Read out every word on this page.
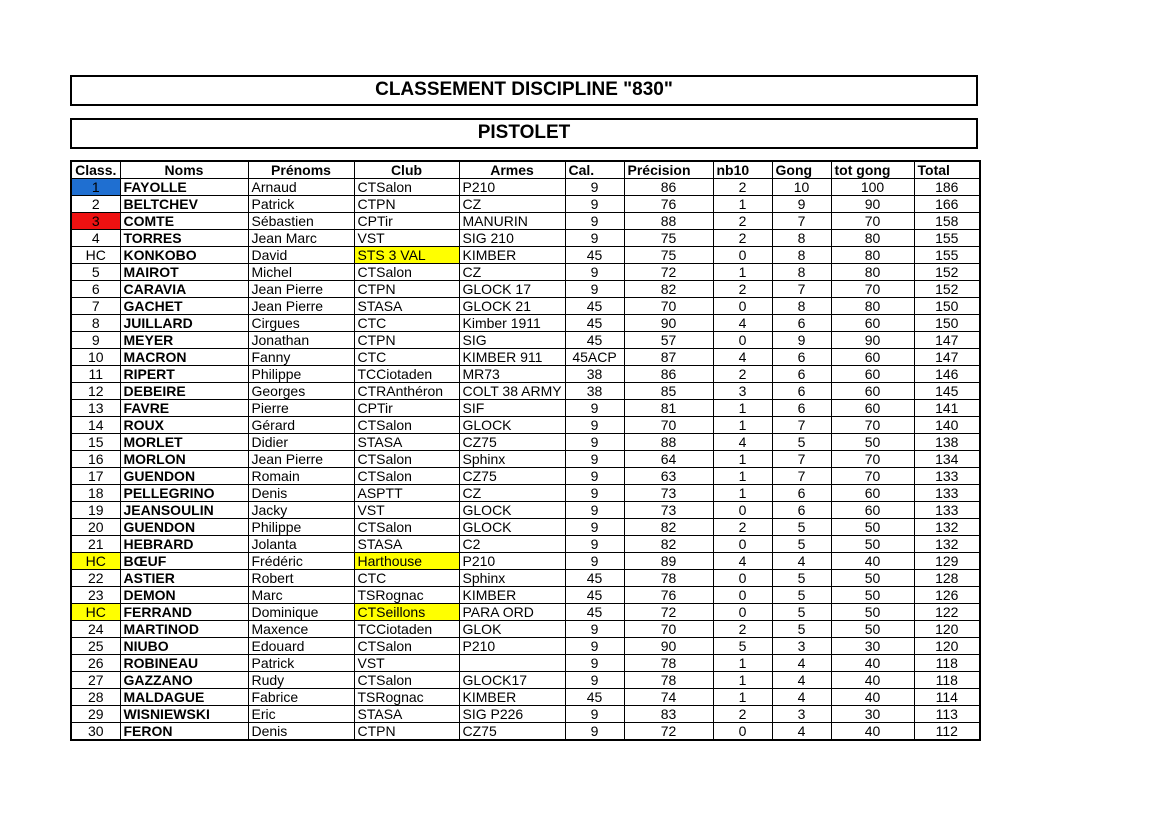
CLASSEMENT DISCIPLINE "830"
PISTOLET
Class.	Noms	Prénoms	Club	Armes	Cal.	Précision	nb10	Gong	tot gong	Total
1	FAYOLLE	Arnaud	CTSalon	P210	9	86	2	10	100	186
2	BELTCHEV	Patrick	CTPN	CZ	9	76	1	9	90	166
3	COMTE	Sébastien	CPTir	MANURIN	9	88	2	7	70	158
4	TORRES	Jean Marc	VST	SIG 210	9	75	2	8	80	155
HC	KONKOBO	David	STS 3 VAL	KIMBER	45	75	0	8	80	155
5	MAIROT	Michel	CTSalon	CZ	9	72	1	8	80	152
6	CARAVIA	Jean Pierre	CTPN	GLOCK 17	9	82	2	7	70	152
7	GACHET	Jean Pierre	STASA	GLOCK 21	45	70	0	8	80	150
8	JUILLARD	Cirgues	CTC	Kimber 1911	45	90	4	6	60	150
9	MEYER	Jonathan	CTPN	SIG	45	57	0	9	90	147
10	MACRON	Fanny	CTC	KIMBER 911	45ACP	87	4	6	60	147
11	RIPERT	Philippe	TCCiotaden	MR73	38	86	2	6	60	146
12	DEBEIRE	Georges	CTRAnthéron	COLT 38 ARMY	38	85	3	6	60	145
13	FAVRE	Pierre	CPTir	SIF	9	81	1	6	60	141
14	ROUX	Gérard	CTSalon	GLOCK	9	70	1	7	70	140
15	MORLET	Didier	STASA	CZ75	9	88	4	5	50	138
16	MORLON	Jean Pierre	CTSalon	Sphinx	9	64	1	7	70	134
17	GUENDON	Romain	CTSalon	CZ75	9	63	1	7	70	133
18	PELLEGRINO	Denis	ASPTT	CZ	9	73	1	6	60	133
19	JEANSOULIN	Jacky	VST	GLOCK	9	73	0	6	60	133
20	GUENDON	Philippe	CTSalon	GLOCK	9	82	2	5	50	132
21	HEBRARD	Jolanta	STASA	C2	9	82	0	5	50	132
HC	BŒUF	Frédéric	Harthouse	P210	9	89	4	4	40	129
22	ASTIER	Robert	CTC	Sphinx	45	78	0	5	50	128
23	DEMON	Marc	TSRognac	KIMBER	45	76	0	5	50	126
HC	FERRAND	Dominique	CTSeillons	PARA ORD	45	72	0	5	50	122
24	MARTINOD	Maxence	TCCiotaden	GLOK	9	70	2	5	50	120
25	NIUBO	Edouard	CTSalon	P210	9	90	5	3	30	120
26	ROBINEAU	Patrick	VST		9	78	1	4	40	118
27	GAZZANO	Rudy	CTSalon	GLOCK17	9	78	1	4	40	118
28	MALDAGUE	Fabrice	TSRognac	KIMBER	45	74	1	4	40	114
29	WISNIEWSKI	Eric	STASA	SIG P226	9	83	2	3	30	113
30	FERON	Denis	CTPN	CZ75	9	72	0	4	40	112
